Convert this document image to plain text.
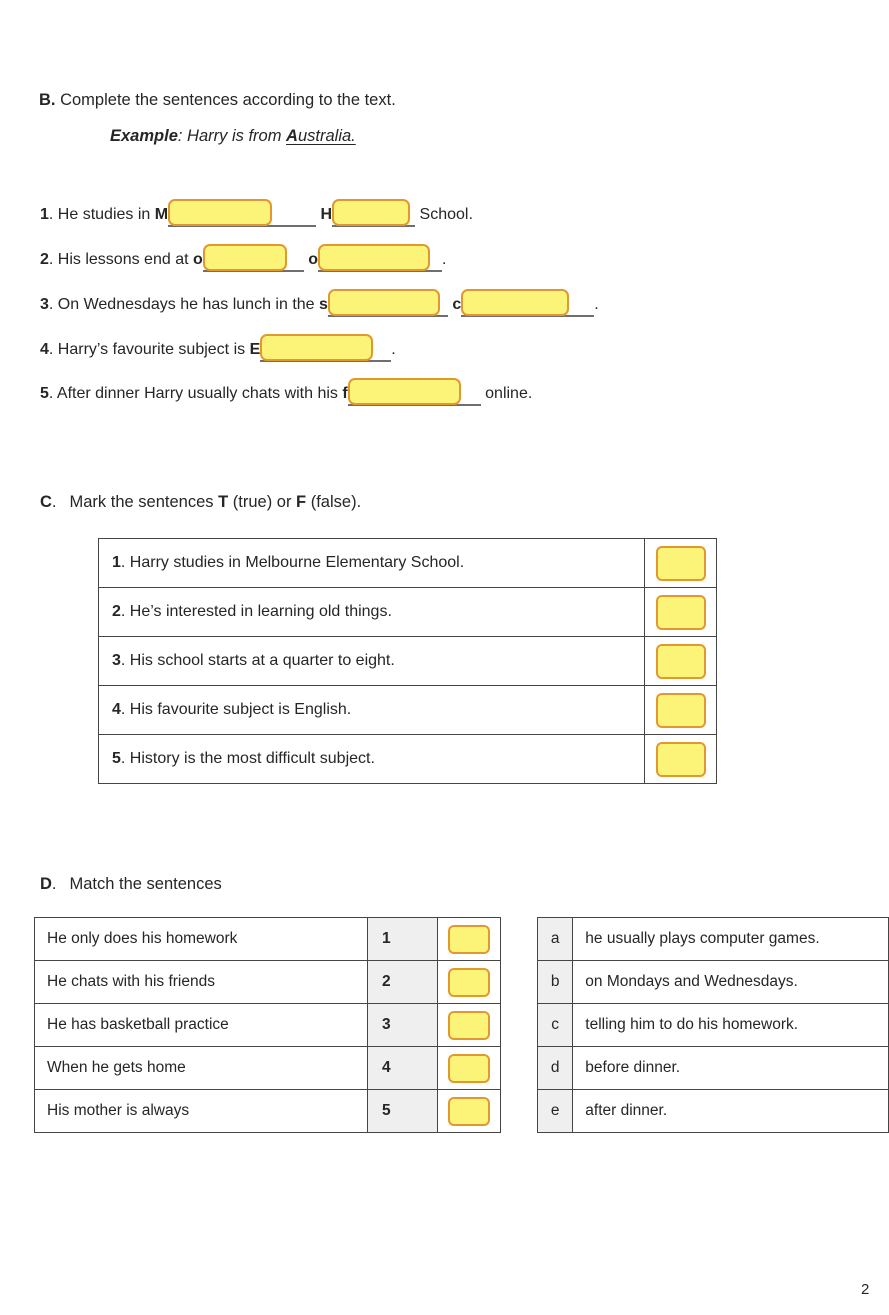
B. Complete the sentences according to the text.
Example: Harry is from Australia.
1. He studies in M	H	School.
2. His lessons end at o	o	.
3. On Wednesdays he has lunch in the s	c	.
4. Harry’s favourite subject is E	.
5. After dinner Harry usually chats with his f	online.
C. Mark the sentences T (true) or F (false).
1. Harry studies in Melbourne Elementary School.	
2. He’s interested in learning old things.	
3. His school starts at a quarter to eight.	
4. His favourite subject is English.	
5. History is the most difficult subject.	
D. Match the sentences
He only does his homework	1	
He chats with his friends	2	
He has basketball practice	3	
When he gets home	4	
His mother is always	5	
a	he usually plays computer games.
b	on Mondays and Wednesdays.
c	telling him to do his homework.
d	before dinner.
e	after dinner.
2
